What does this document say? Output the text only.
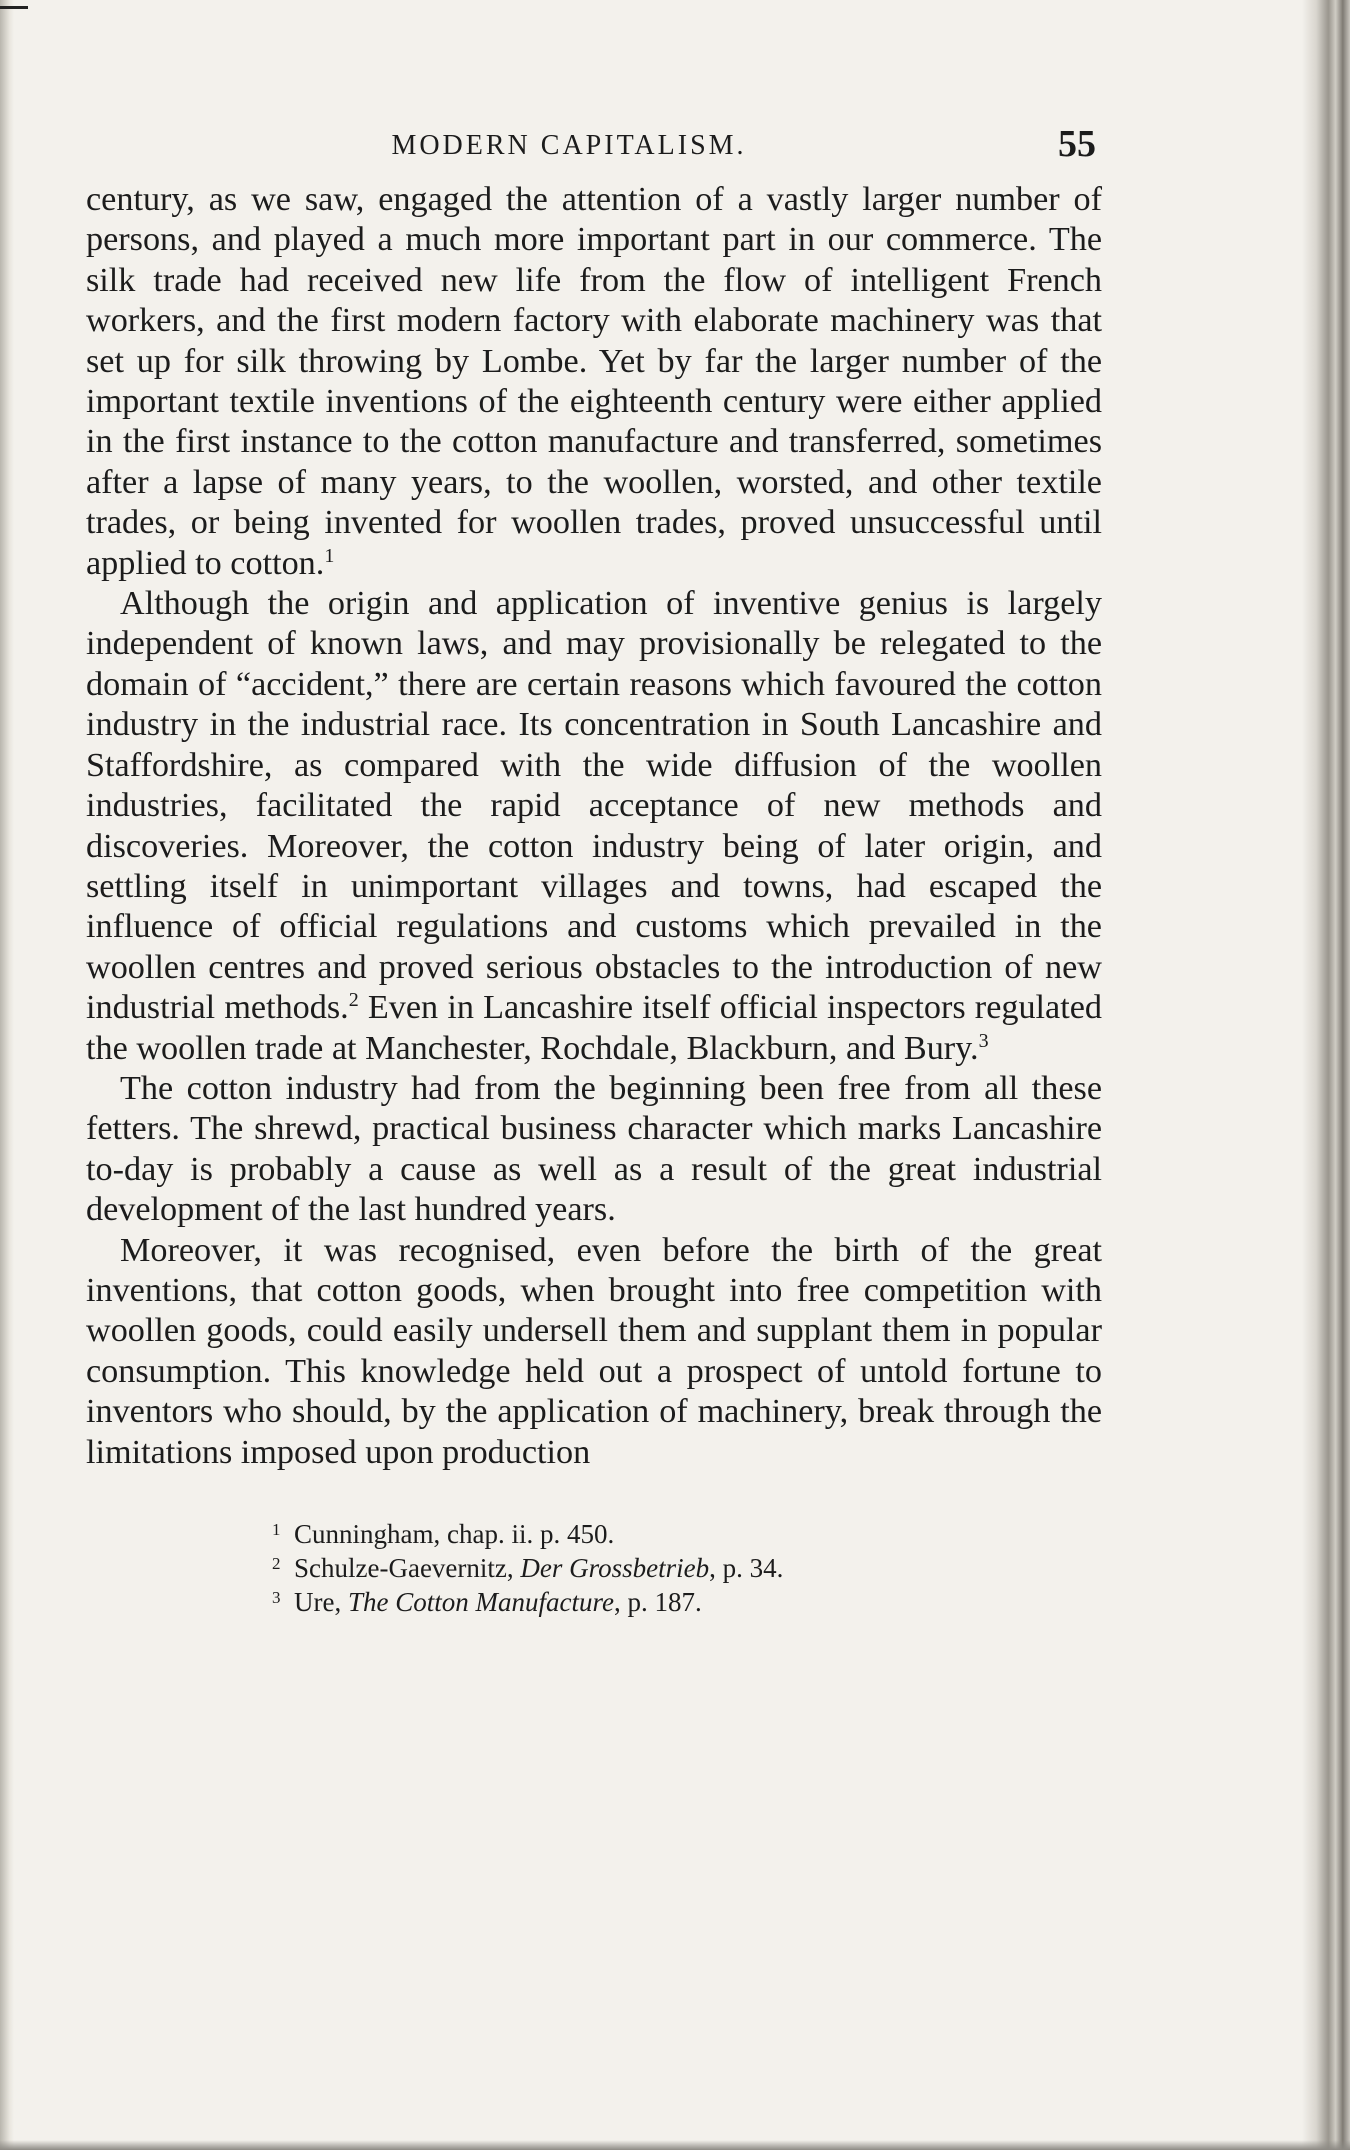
MODERN CAPITALISM.	55

century, as we saw, engaged the attention of a vastly larger number of persons, and played a much more important part in our commerce. The silk trade had received new life from the flow of intelligent French workers, and the first modern factory with elaborate machinery was that set up for silk throwing by Lombe. Yet by far the larger number of the important textile inventions of the eighteenth century were either applied in the first instance to the cotton manufacture and transferred, sometimes after a lapse of many years, to the woollen, worsted, and other textile trades, or being invented for woollen trades, proved unsuccessful until applied to cotton.$^1$

Although the origin and application of inventive genius is largely independent of known laws, and may provisionally be relegated to the domain of “accident,” there are certain reasons which favoured the cotton industry in the industrial race. Its concentration in South Lancashire and Staffordshire, as compared with the wide diffusion of the woollen industries, facilitated the rapid acceptance of new methods and discoveries. Moreover, the cotton industry being of later origin, and settling itself in unimportant villages and towns, had escaped the influence of official regulations and customs which prevailed in the woollen centres and proved serious obstacles to the introduction of new industrial methods.$^2$ Even in Lancashire itself official inspectors regulated the woollen trade at Manchester, Rochdale, Blackburn, and Bury.$^3$

The cotton industry had from the beginning been free from all these fetters. The shrewd, practical business character which marks Lancashire to-day is probably a cause as well as a result of the great industrial development of the last hundred years.

Moreover, it was recognised, even before the birth of the great inventions, that cotton goods, when brought into free competition with woollen goods, could easily undersell them and supplant them in popular consumption. This knowledge held out a prospect of untold fortune to inventors who should, by the application of machinery, break through the limitations imposed upon production

1 Cunningham, chap. ii. p. 450.
2 Schulze-Gaevernitz, Der Grossbetrieb, p. 34.
3 Ure, The Cotton Manufacture, p. 187.
